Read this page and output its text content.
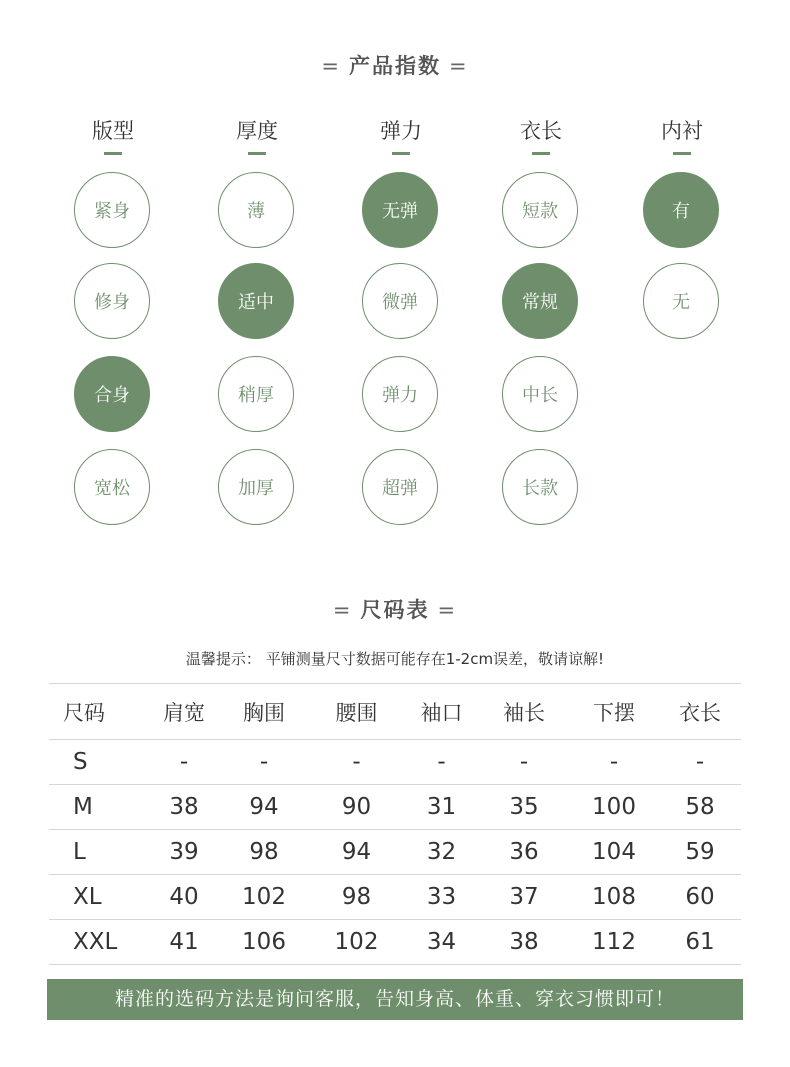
= 产品指数 =
版型
紧身
修身
合身
宽松
厚度
薄
适中
稍厚
加厚
弹力
无弹
微弹
弹力
超弹
衣长
短款
常规
中长
长款
内衬
有
无
= 尺码表 =
温馨提示： 平铺测量尺寸数据可能存在1-2cm误差，敬请谅解!
尺码	肩宽	胸围	腰围	袖口	袖长	下摆	衣长
S	-	-	-	-	-	-	-
M	38	94	90	31	35	100	58
L	39	98	94	32	36	104	59
XL	40	102	98	33	37	108	60
XXL	41	106	102	34	38	112	61
精准的选码方法是询问客服，告知身高、体重、穿衣习惯即可！
